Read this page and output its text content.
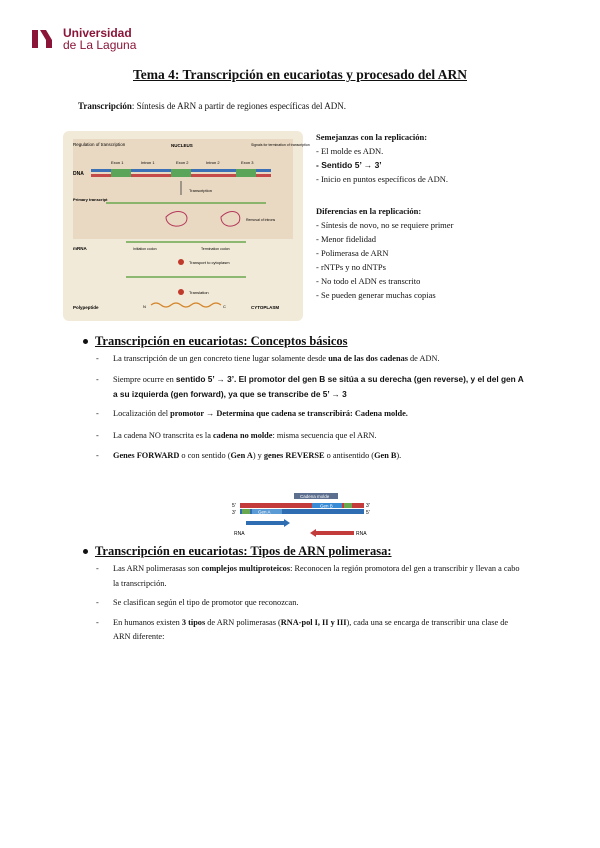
Universidad
de La Laguna
Tema 4: Transcripción en eucariotas y procesado del ARN
Transcripción: Síntesis de ARN a partir de regiones específicas del ADN.
Regulation of transcription	NUCLEUS	Signals for termination of transcription
Exon 1	Intron 1	Exon 2	Intron 2	Exon 3
DNA
Transcription
Primary transcript
Removal of introns
mRNA	Initiation codon	Termination codon
Transport to cytoplasm
Translation
Polypeptide	N	C	CYTOPLASM
Semejanzas con la replicación:
- El molde es ADN.
- Sentido 5’ → 3’
- Inicio en puntos específicos de ADN.
Diferencias en la replicación:
- Síntesis de novo, no se requiere primer
- Menor fidelidad
- Polimerasa de ARN
- rNTPs y no dNTPs
- No todo el ADN es transcrito
- Se pueden generar muchas copias
Transcripción en eucariotas: Conceptos básicos
- La transcripción de un gen concreto tiene lugar solamente desde una de las dos cadenas de ADN.
- Siempre ocurre en sentido 5’ → 3’. El promotor del gen B se sitúa a su derecha (gen reverse), y el del gen A a su izquierda (gen forward), ya que se transcribe de 5’ → 3
- Localización del promotor → Determina que cadena se transcribirá: Cadena molde.
- La cadena NO transcrita es la cadena no molde: misma secuencia que el ARN.
- Genes FORWARD o con sentido (Gen A) y genes REVERSE o antisentido (Gen B).
Cadena molde
5'	Gen B
Gen A
3'
3'
5'
RNA	RNA
Transcripción en eucariotas: Tipos de ARN polimerasa:
- Las ARN polimerasas son complejos multiproteicos: Reconocen la región promotora del gen a transcribir y llevan a cabo la transcripción.
- Se clasifican según el tipo de promotor que reconozcan.
- En humanos existen 3 tipos de ARN polimerasas (RNA-pol I, II y III), cada una se encarga de transcribir una clase de ARN diferente:
